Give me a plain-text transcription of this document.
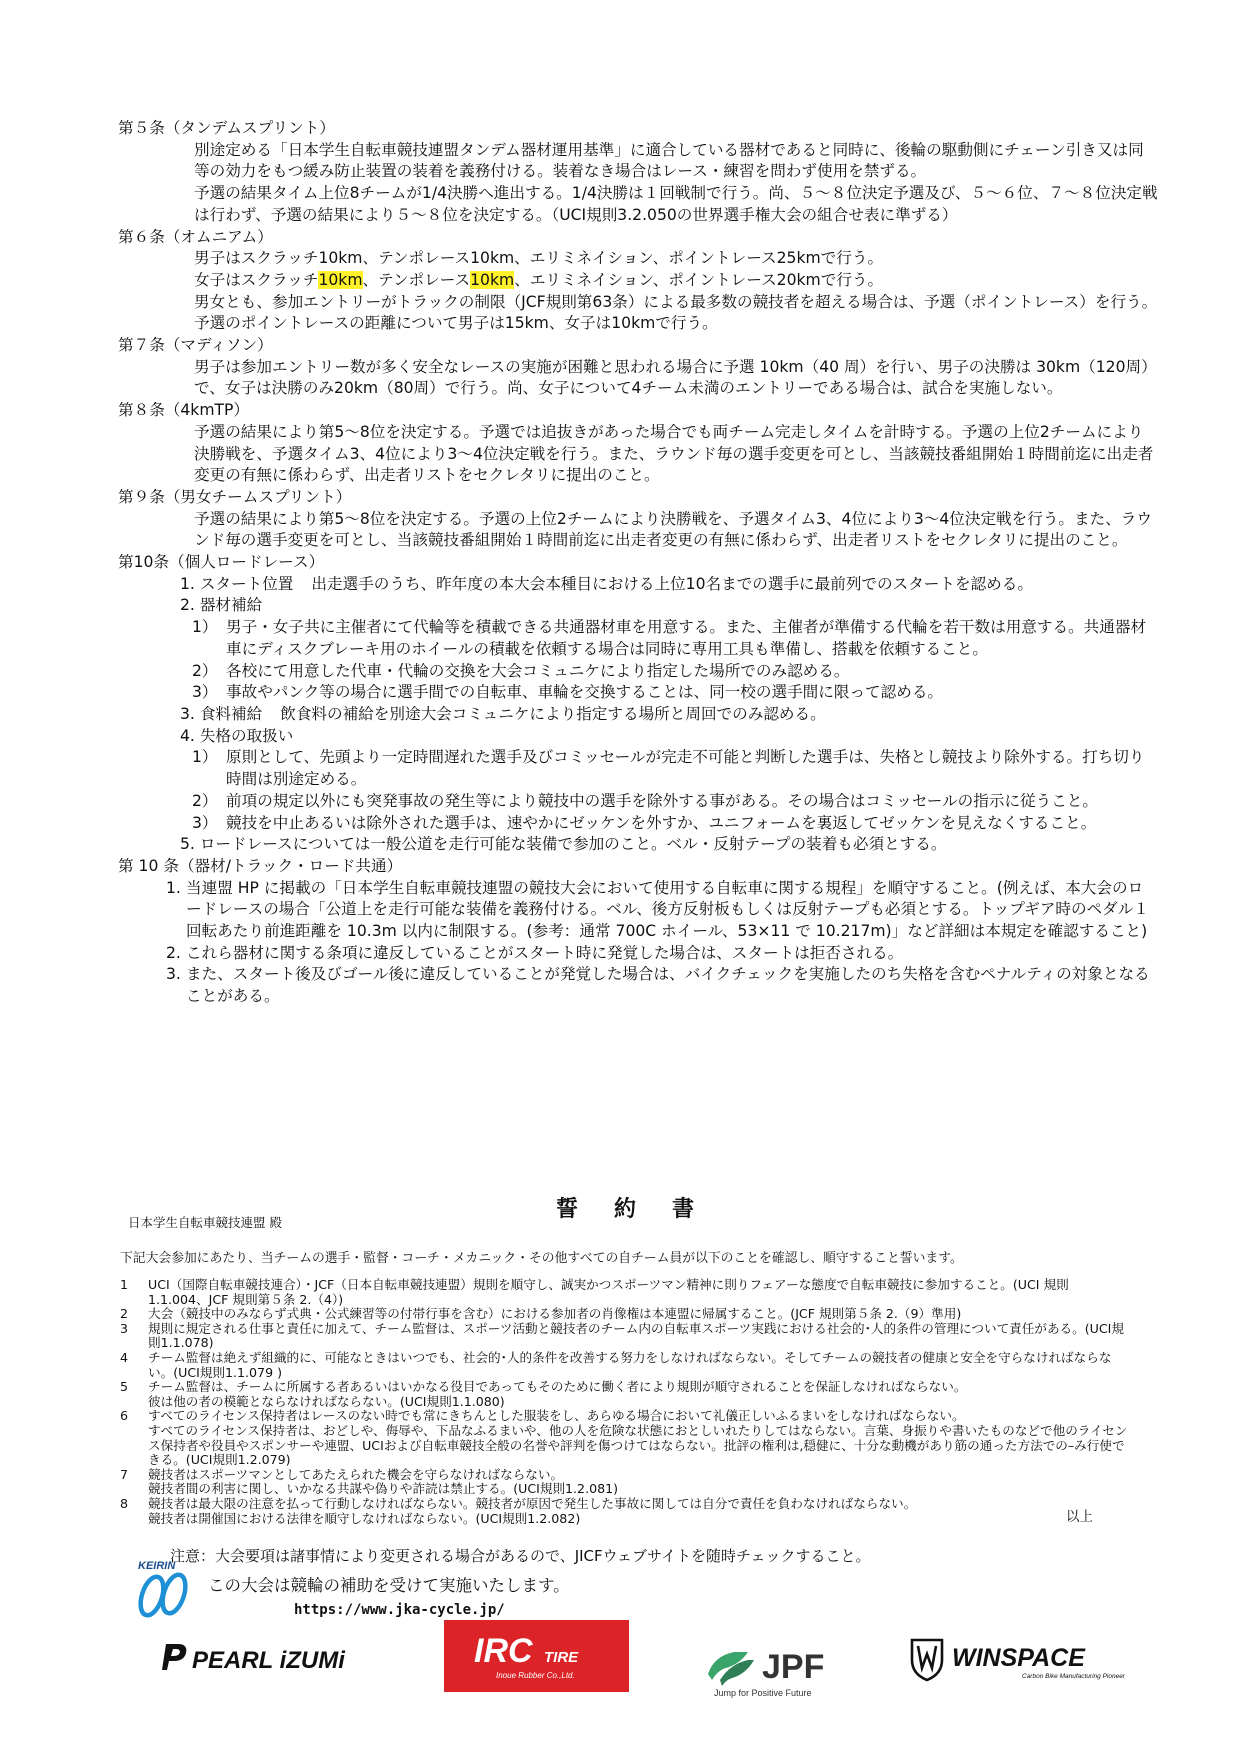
第５条（タンデムスプリント）

別途定める「日本学生自転車競技連盟タンデム器材運用基準」に適合している器材であると同時に、後輪の駆動側にチェーン引き又は同等の効力をもつ緩み防止装置の装着を義務付ける。装着なき場合はレース・練習を問わず使用を禁ずる。

予選の結果タイム上位8チームが1/4決勝へ進出する。1/4決勝は１回戦制で行う。尚、５～８位決定予選及び、５～６位、７～８位決定戦は行わず、予選の結果により５～８位を決定する。（UCI規則3.2.050の世界選手権大会の組合せ表に準ずる）

第６条（オムニアム）

男子はスクラッチ10km、テンポレース10km、エリミネイション、ポイントレース25kmで行う。

女子はスクラッチ10km、テンポレース10km、エリミネイション、ポイントレース20kmで行う。

男女とも、参加エントリーがトラックの制限（JCF規則第63条）による最多数の競技者を超える場合は、予選（ポイントレース）を行う。予選のポイントレースの距離について男子は15km、女子は10kmで行う。

第７条（マディソン）

男子は参加エントリー数が多く安全なレースの実施が困難と思われる場合に予選 10km（40 周）を行い、男子の決勝は 30km（120周）で、女子は決勝のみ20km（80周）で行う。尚、女子について4チーム未満のエントリーである場合は、試合を実施しない。

第８条（4kmTP）

予選の結果により第5～8位を決定する。予選では追抜きがあった場合でも両チーム完走しタイムを計時する。予選の上位2チームにより決勝戦を、予選タイム3、4位により3～4位決定戦を行う。また、ラウンド毎の選手変更を可とし、当該競技番組開始１時間前迄に出走者変更の有無に係わらず、出走者リストをセクレタリに提出のこと。

第９条（男女チームスプリント）

予選の結果により第5～8位を決定する。予選の上位2チームにより決勝戦を、予選タイム3、4位により3～4位決定戦を行う。また、ラウンド毎の選手変更を可とし、当該競技番組開始１時間前迄に出走者変更の有無に係わらず、出走者リストをセクレタリに提出のこと。

第10条（個人ロードレース）

1. スタート位置 出走選手のうち、昨年度の本大会本種目における上位10名までの選手に最前列でのスタートを認める。

2. 器材補給

1） 男子・女子共に主催者にて代輪等を積載できる共通器材車を用意する。また、主催者が準備する代輪を若干数は用意する。共通器材車にディスクブレーキ用のホイールの積載を依頼する場合は同時に専用工具も準備し、搭載を依頼すること。
2） 各校にて用意した代車・代輪の交換を大会コミュニケにより指定した場所でのみ認める。
3） 事故やパンク等の場合に選手間での自転車、車輪を交換することは、同一校の選手間に限って認める。

3. 食料補給 飲食料の補給を別途大会コミュニケにより指定する場所と周回でのみ認める。

4. 失格の取扱い

1） 原則として、先頭より一定時間遅れた選手及びコミッセールが完走不可能と判断した選手は、失格とし競技より除外する。打ち切り時間は別途定める。
2） 前項の規定以外にも突発事故の発生等により競技中の選手を除外する事がある。その場合はコミッセールの指示に従うこと。
3） 競技を中止あるいは除外された選手は、速やかにゼッケンを外すか、ユニフォームを裏返してゼッケンを見えなくすること。

5. ロードレースについては一般公道を走行可能な装備で参加のこと。ベル・反射テープの装着も必須とする。

第 10 条（器材/トラック・ロード共通）

1. 当連盟 HP に掲載の「日本学生自転車競技連盟の競技大会において使用する自転車に関する規程」を順守すること。(例えば、本大会のロードレースの場合「公道上を走行可能な装備を義務付ける。ベル、後方反射板もしくは反射テープも必須とする。トップギア時のペダル１回転あたり前進距離を 10.3m 以内に制限する。(参考：通常 700C ホイール、53×11 で 10.217m)」など詳細は本規定を確認すること)
2. これら器材に関する条項に違反していることがスタート時に発覚した場合は、スタートは拒否される。
3. また、スタート後及びゴール後に違反していることが発覚した場合は、バイクチェックを実施したのち失格を含むペナルティの対象となることがある。
誓約書
日本学生自転車競技連盟 殿
下記大会参加にあたり、当チームの選手・監督・コーチ・メカニック・その他すべての自チーム員が以下のことを確認し、順守すること誓います。
1	UCI（国際自転車競技連合）・JCF（日本自転車競技連盟）規則を順守し、誠実かつスポーツマン精神に則りフェアーな態度で自転車競技に参加すること。(UCI 規則 1.1.004、JCF 規則第５条 2.（4）)

2	大会（競技中のみならず式典・公式練習等の付帯行事を含む）における参加者の肖像権は本連盟に帰属すること。(JCF 規則第５条 2.（9）準用)

3	規則に規定される仕事と責任に加えて、チーム監督は、スポーツ活動と競技者のチーム内の自転車スポーツ実践における社会的･人的条件の管理について責任がある。(UCI規則1.1.078)

4	チーム監督は絶えず組織的に、可能なときはいつでも、社会的･人的条件を改善する努力をしなければならない。そしてチームの競技者の健康と安全を守らなければならない。(UCI規則1.1.079 )

5	チーム監督は、チームに所属する者あるいはいかなる役目であってもそのために働く者により規則が順守されることを保証しなければならない。

彼は他の者の模範とならなければならない。(UCI規則1.1.080)

6	すべてのライセンス保持者はレースのない時でも常にきちんとした服装をし、あらゆる場合において礼儀正しいふるまいをしなければならない。

すべてのライセンス保持者は、おどしや、侮辱や、下品なふるまいや、他の人を危険な状態におとしいれたりしてはならない。言葉、身振りや書いたものなどで他のライセンス保持者や役員やスポンサーや連盟、UCIおよび自転車競技全般の名誉や評判を傷つけてはならない。批評の権利は,穏健に、十分な動機があり筋の通った方法での–み行使できる。(UCI規則1.2.079)

7	競技者はスポーツマンとしてあたえられた機会を守らなければならない。

競技者間の利害に関し、いかなる共謀や偽りや詐読は禁止する。(UCI規則1.2.081)

8	競技者は最大限の注意を払って行動しなければならない。競技者が原因で発生した事故に関しては自分で責任を負わなければならない。

競技者は開催国における法律を順守しなければならない。(UCI規則1.2.082)	以上
注意：大会要項は諸事情により変更される場合があるので、JICFウェブサイトを随時チェックすること。
KEIRIN
この大会は競輪の補助を受けて実施いたします。
https://www.jka-cycle.jp/
PEARL iZUMi	IRC TIRE
Inoue Rubber Co.,Ltd.	JPF
Jump for Positive Future
WINSPACE
Carbon Bike Manufacturing Pioneer
